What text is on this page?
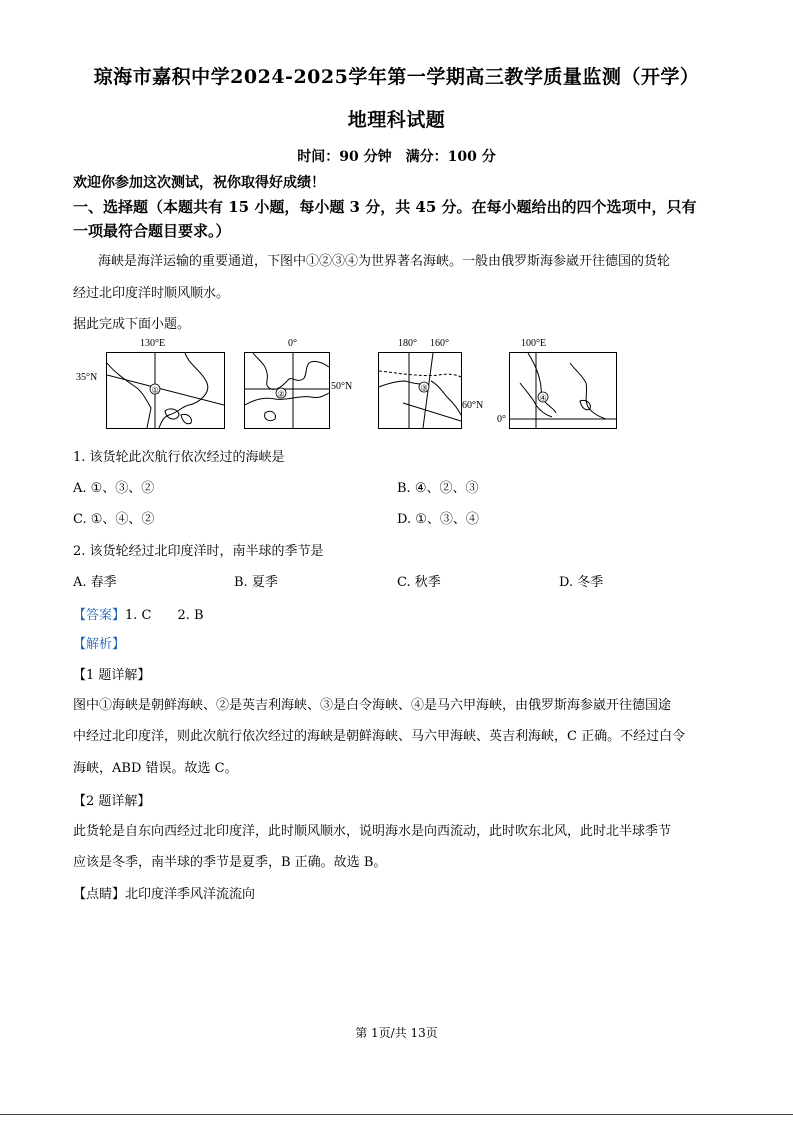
琼海市嘉积中学2024-2025学年第一学期高三教学质量监测（开学）
地理科试题
时间：90 分钟　满分：100 分
欢迎你参加这次测试，祝你取得好成绩！
一、选择题（本题共有 15 小题，每小题 3 分，共 45 分。在每小题给出的四个选项中，只有
一项最符合题目要求。）
海峡是海洋运输的重要通道，下图中①②③④为世界著名海峡。一般由俄罗斯海参崴开往德国的货轮
经过北印度洋时顺风顺水。
据此完成下面小题。
130°E
35°N
①
0°
50°N
②
180° 160°
60°N
③
100°E
0°
④
1. 该货轮此次航行依次经过的海峡是
A. ①、③、②	B. ④、②、③
C. ①、④、②	D. ①、③、④
2. 该货轮经过北印度洋时，南半球的季节是
A. 春季	B. 夏季	C. 秋季	D. 冬季
【答案】1. C　　2. B
【解析】
【1 题详解】
图中①海峡是朝鲜海峡、②是英吉利海峡、③是白令海峡、④是马六甲海峡，由俄罗斯海参崴开往德国途
中经过北印度洋，则此次航行依次经过的海峡是朝鲜海峡、马六甲海峡、英吉利海峡，C 正确。不经过白令
海峡，ABD 错误。故选 C。
【2 题详解】
此货轮是自东向西经过北印度洋，此时顺风顺水，说明海水是向西流动，此时吹东北风，此时北半球季节
应该是冬季，南半球的季节是夏季，B 正确。故选 B。
【点睛】北印度洋季风洋流流向
第 1页/共 13页
